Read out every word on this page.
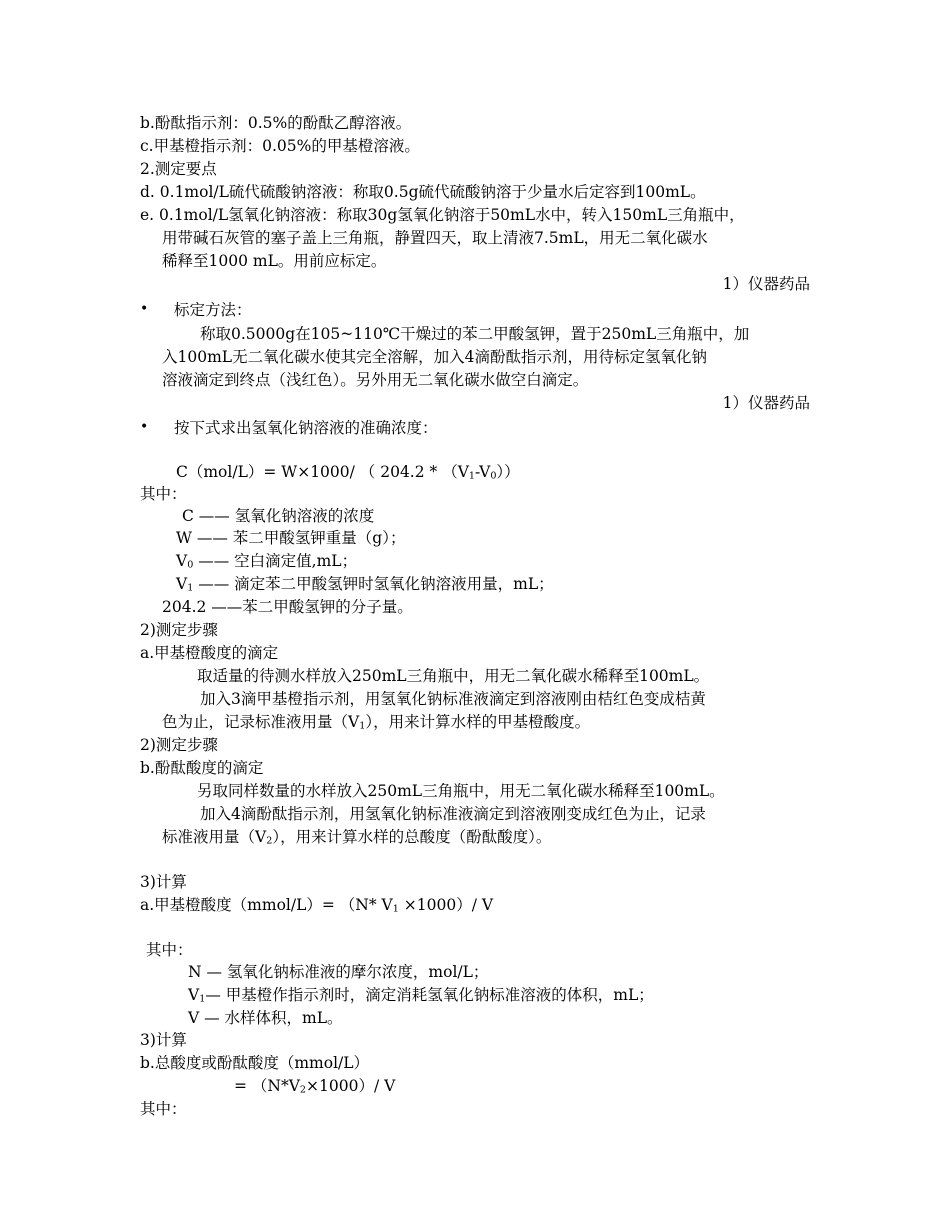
b.酚酞指示剂：0.5%的酚酞乙醇溶液。
c.甲基橙指示剂：0.05%的甲基橙溶液。
2.测定要点
d. 0.1mol/L硫代硫酸钠溶液：称取0.5g硫代硫酸钠溶于少量水后定容到100mL。
e. 0.1mol/L氢氧化钠溶液：称取30g氢氧化钠溶于50mL水中，转入150mL三角瓶中，
用带碱石灰管的塞子盖上三角瓶，静置四天，取上清液7.5mL，用无二氧化碳水
稀释至1000 mL。用前应标定。
1）仪器药品
• 标定方法：
称取0.5000g在105~110℃干燥过的苯二甲酸氢钾，置于250mL三角瓶中，加
入100mL无二氧化碳水使其完全溶解，加入4滴酚酞指示剂，用待标定氢氧化钠
溶液滴定到终点（浅红色）。另外用无二氧化碳水做空白滴定。
1）仪器药品
• 按下式求出氢氧化钠溶液的准确浓度：
C（mol/L）= W×1000/ （ $204.2 * (V_1-V_0)$）
其中：
C —— 氢氧化钠溶液的浓度
W —— 苯二甲酸氢钾重量（g）；
$V_0$ —— 空白滴定值,mL；
$V_1$ —— 滴定苯二甲酸氢钾时氢氧化钠溶液用量，mL；
204.2 ——苯二甲酸氢钾的分子量。
2)测定步骤
a.甲基橙酸度的滴定
取适量的待测水样放入250mL三角瓶中，用无二氧化碳水稀释至100mL。
加入3滴甲基橙指示剂，用氢氧化钠标准液滴定到溶液刚由桔红色变成桔黄
色为止，记录标准液用量$(V_1)$，用来计算水样的甲基橙酸度。
2)测定步骤
b.酚酞酸度的滴定
另取同样数量的水样放入250mL三角瓶中，用无二氧化碳水稀释至100mL。
加入4滴酚酞指示剂，用氢氧化钠标准液滴定到溶液刚变成红色为止，记录
标准液用量$(V_2)$，用来计算水样的总酸度（酚酞酸度）。
3)计算
a.甲基橙酸度（mmol/L）= （N* $V_1 \times 1000)/$ V
其中：
N — 氢氧化钠标准液的摩尔浓度，mol/L；
$V_1—$ 甲基橙作指示剂时，滴定消耗氢氧化钠标准溶液的体积，mL；
V — 水样体积，mL。
3)计算
b.总酸度或酚酞酸度（mmol/L）
= $(N*V_2\times 1000)/$ V
其中：
